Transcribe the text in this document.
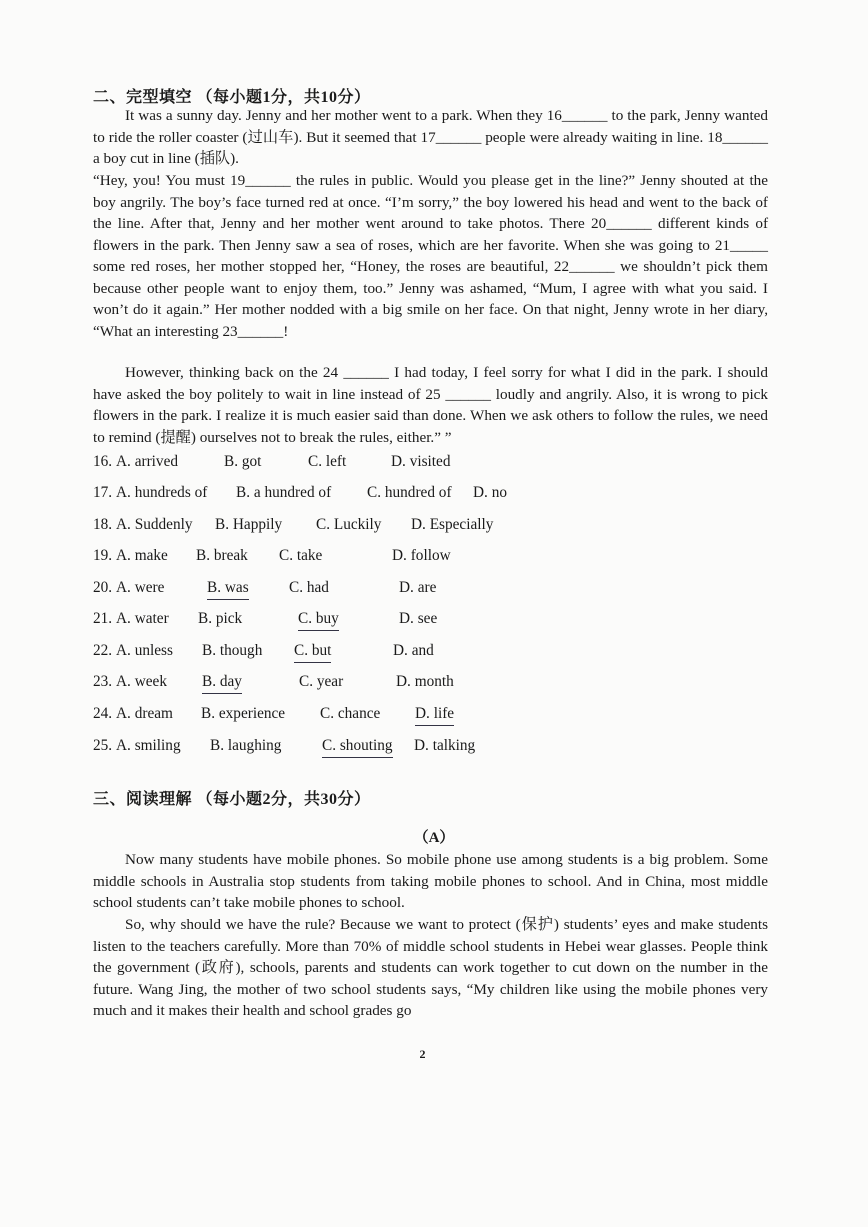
二、完型填空 （每小题1分，共10分）

It was a sunny day. Jenny and her mother went to a park. When they 16______ to the park, Jenny wanted to ride the roller coaster (过山车). But it seemed that 17______ people were already waiting in line. 18______ a boy cut in line (插队).

“Hey, you! You must 19______ the rules in public. Would you please get in the line?” Jenny shouted at the boy angrily. The boy’s face turned red at once. “I’m sorry,” the boy lowered his head and went to the back of the line. After that, Jenny and her mother went around to take photos. There 20______ different kinds of flowers in the park. Then Jenny saw a sea of roses, which are her favorite. When she was going to 21_____ some red roses, her mother stopped her, “Honey, the roses are beautiful, 22______ we shouldn’t pick them because other people want to enjoy them, too.” Jenny was ashamed, “Mum, I agree with what you said. I won’t do it again.” Her mother nodded with a big smile on her face. On that night, Jenny wrote in her diary, “What an interesting 23______!

However, thinking back on the 24 ______ I had today, I feel sorry for what I did in the park. I should have asked the boy politely to wait in line instead of 25 ______ loudly and angrily. Also, it is wrong to pick flowers in the park. I realize it is much easier said than done. When we ask others to follow the rules, we need to remind (提醒) ourselves not to break the rules, either.” ”

16. A. arrived	B. got	C. left	D. visited
17. A. hundreds of B. a hundred of C. hundred of D. no
18. A. Suddenly B. Happily C. Luckily D. Especially
19. A. make B. break C. take	D. follow
20. A. were	B. was	C. had	D. are
21. A. water B. pick	C. buy	D. see
22. A. unless B. though C. but	D. and
23. A. week B. day	C. year	D. month
24. A. dream B. experience C. chance D. life
25. A. smiling B. laughing	C. shouting D. talking
三、阅读理解 （每小题2分，共30分）
（A）

Now many students have mobile phones. So mobile phone use among students is a big problem. Some middle schools in Australia stop students from taking mobile phones to school. And in China, most middle school students can’t take mobile phones to school.

So, why should we have the rule? Because we want to protect (保护) students’ eyes and make students listen to the teachers carefully. More than 70% of middle school students in Hebei wear glasses. People think the government (政府), schools, parents and students can work together to cut down on the number in the future. Wang Jing, the mother of two school students says, “My children like using the mobile phones very much and it makes their health and school grades go

2
